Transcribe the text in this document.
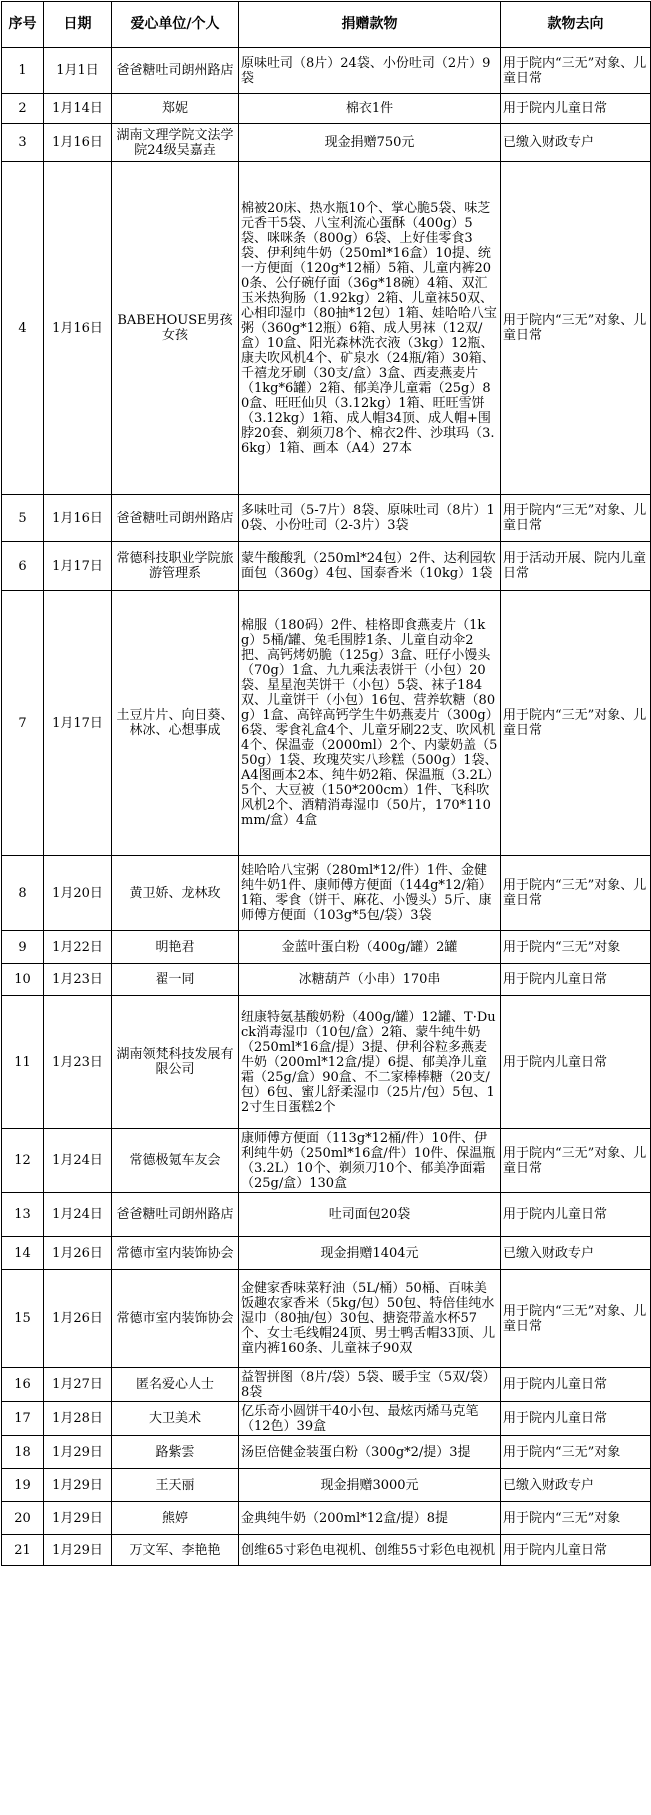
序号	日期	爱心单位/个人	捐赠款物	款物去向
1	1月1日	爸爸糖吐司朗州路店	原味吐司（8片）24袋、小份吐司（2片）9袋	用于院内“三无”对象、儿童日常
2	1月14日	郑妮	棉衣1件	用于院内儿童日常
3	1月16日	湖南文理学院文法学院24级吴嘉垚	现金捐赠750元	已缴入财政专户
4	1月16日	BABEHOUSE男孩女孩	棉被20床、热水瓶10个、掌心脆5袋、味芝元香干5袋、八宝利流心蛋酥（400g）5袋、咪咪条（800g）6袋、上好佳零食3袋、伊利纯牛奶（250ml*16盒）10提、统一方便面（120g*12桶）5箱、儿童内裤200条、公仔碗仔面（36g*18碗）4箱、双汇玉米热狗肠（1.92kg）2箱、儿童袜50双、心相印湿巾（80抽*12包）1箱、娃哈哈八宝粥（360g*12瓶）6箱、成人男袜（12双/盒）10盒、阳光森林洗衣液（3kg）12瓶、康夫吹风机4个、矿泉水（24瓶/箱）30箱、千禧龙牙刷（30支/盒）3盒、西麦燕麦片（1kg*6罐）2箱、郁美净儿童霜（25g）80盒、旺旺仙贝（3.12kg）1箱、旺旺雪饼（3.12kg）1箱、成人帽34顶、成人帽+围脖20套、剃须刀8个、棉衣2件、沙琪玛（3.6kg）1箱、画本（A4）27本	用于院内“三无”对象、儿童日常
5	1月16日	爸爸糖吐司朗州路店	多味吐司（5-7片）8袋、原味吐司（8片）10袋、小份吐司（2-3片）3袋	用于院内“三无”对象、儿童日常
6	1月17日	常德科技职业学院旅游管理系	蒙牛酸酸乳（250ml*24包）2件、达利园软面包（360g）4包、国泰香米（10kg）1袋	用于活动开展、院内儿童日常
7	1月17日	土豆片片、向日葵、林冰、心想事成	棉服（180码）2件、桂格即食燕麦片（1kg）5桶/罐、兔毛围脖1条、儿童自动伞2把、高钙烤奶脆（125g）3盒、旺仔小馒头（70g）1盒、九九乘法表饼干（小包）20袋、星星泡芙饼干（小包）5袋、袜子184双、儿童饼干（小包）16包、营养软糖（80g）1盒、高锌高钙学生牛奶燕麦片（300g）6袋、零食礼盒4个、儿童牙刷22支、吹风机4个、保温壶（2000ml）2个、内蒙奶盖（550g）1袋、玫瑰芡实八珍糕（500g）1袋、A4图画本2本、纯牛奶2箱、保温瓶（3.2L）5个、大豆被（150*200cm）1件、飞科吹风机2个、酒精消毒湿巾（50片，170*110mm/盒）4盒	用于院内“三无”对象、儿童日常
8	1月20日	黄卫娇、龙林玫	娃哈哈八宝粥（280ml*12/件）1件、金健纯牛奶1件、康师傅方便面（144g*12/箱）1箱、零食（饼干、麻花、小馒头）5斤、康师傅方便面（103g*5包/袋）3袋	用于院内“三无”对象、儿童日常
9	1月22日	明艳君	金蓝叶蛋白粉（400g/罐）2罐	用于院内“三无”对象
10	1月23日	翟一同	冰糖葫芦（小串）170串	用于院内儿童日常
11	1月23日	湖南领梵科技发展有限公司	纽康特氨基酸奶粉（400g/罐）12罐、T·Duck消毒湿巾（10包/盒）2箱、蒙牛纯牛奶（250ml*16盒/提）3提、伊利谷粒多燕麦牛奶（200ml*12盒/提）6提、郁美净儿童霜（25g/盒）90盒、不二家棒棒糖（20支/包）6包、蜜儿舒柔湿巾（25片/包）5包、12寸生日蛋糕2个	用于院内儿童日常
12	1月24日	常德极氪车友会	康师傅方便面（113g*12桶/件）10件、伊利纯牛奶（250ml*16盒/件）10件、保温瓶（3.2L）10个、剃须刀10个、郁美净面霜（25g/盒）130盒	用于院内“三无”对象、儿童日常
13	1月24日	爸爸糖吐司朗州路店	吐司面包20袋	用于院内儿童日常
14	1月26日	常德市室内装饰协会	现金捐赠1404元	已缴入财政专户
15	1月26日	常德市室内装饰协会	金健家香味菜籽油（5L/桶）50桶、百味美饭趣农家香米（5kg/包）50包、特倍佳纯水湿巾（80抽/包）30包、搪瓷带盖水杯57个、女士毛线帽24顶、男士鸭舌帽33顶、儿童内裤160条、儿童袜子90双	用于院内“三无”对象、儿童日常
16	1月27日	匿名爱心人士	益智拼图（8片/袋）5袋、暖手宝（5双/袋）8袋	用于院内儿童日常
17	1月28日	大卫美术	亿乐奇小圆饼干40小包、最炫丙烯马克笔（12色）39盒	用于院内儿童日常
18	1月29日	路紫雲	汤臣倍健金装蛋白粉（300g*2/提）3提	用于院内“三无”对象
19	1月29日	王天丽	现金捐赠3000元	已缴入财政专户
20	1月29日	熊婷	金典纯牛奶（200ml*12盒/提）8提	用于院内“三无”对象
21	1月29日	万文军、李艳艳	创维65寸彩色电视机、创维55寸彩色电视机	用于院内儿童日常
